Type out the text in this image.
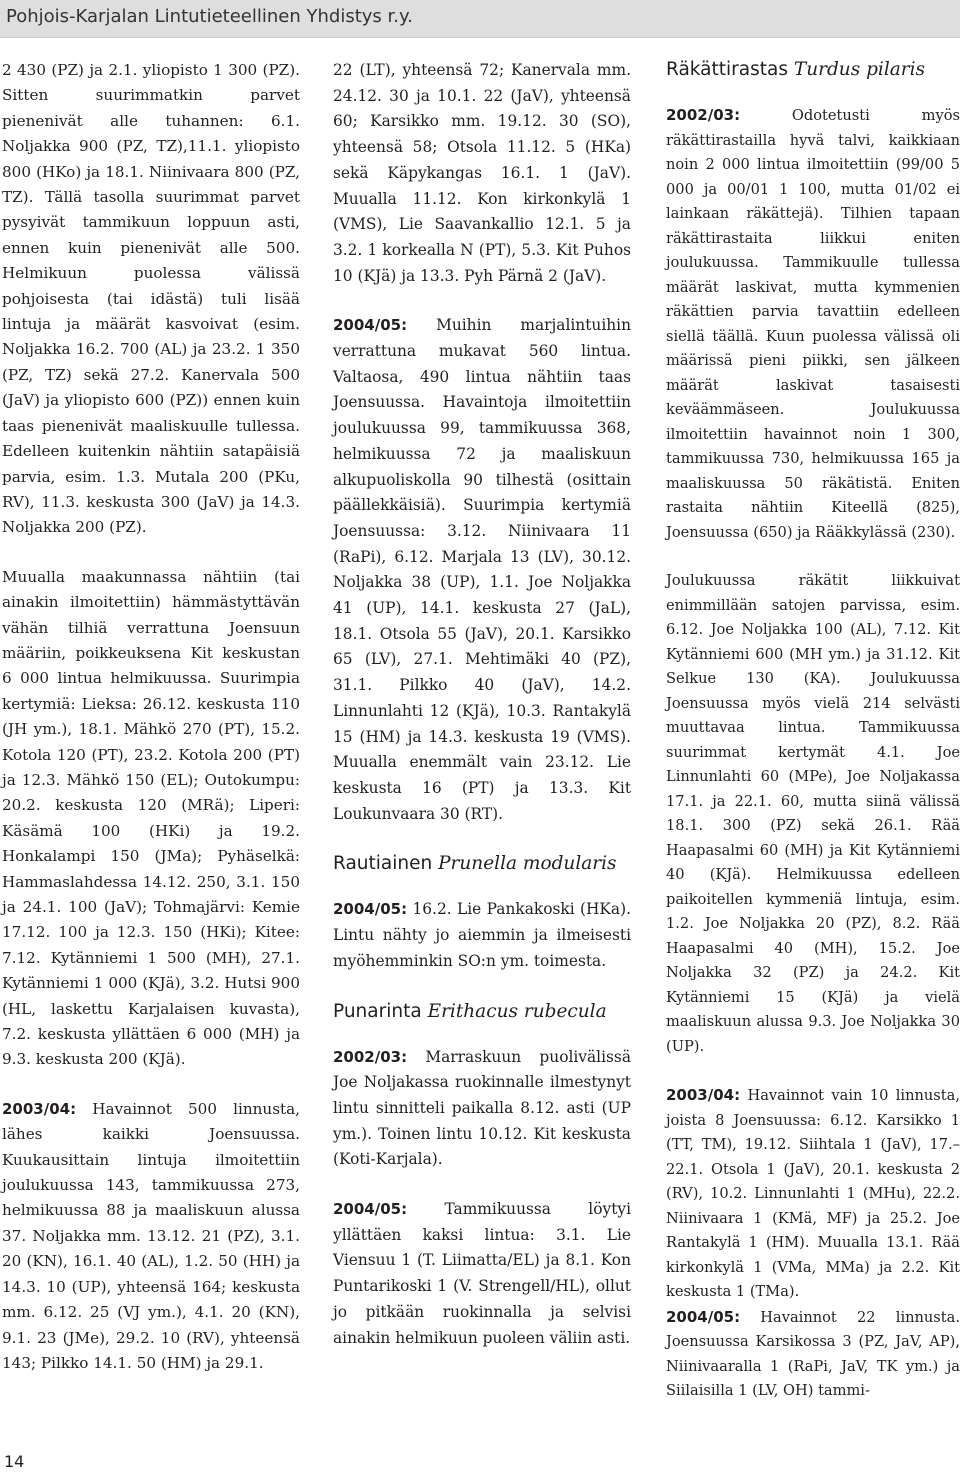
Pohjois-Karjalan Lintutieteellinen Yhdistys r.y.

2 430 (PZ) ja 2.1. yliopisto 1 300 (PZ). Sitten suurimmatkin parvet pienenivät alle tuhannen: 6.1. Noljakka 900 (PZ, TZ),11.1. yliopisto 800 (HKo) ja 18.1. Niinivaara 800 (PZ, TZ). Tällä tasolla suurimmat parvet pysyivät tammikuun loppuun asti, ennen kuin pienenivät alle 500. Helmikuun puolessa välissä pohjoisesta (tai idästä) tuli lisää lintuja ja määrät kasvoivat (esim. Noljakka 16.2. 700 (AL) ja 23.2. 1 350 (PZ, TZ) sekä 27.2. Kanervala 500 (JaV) ja yliopisto 600 (PZ)) ennen kuin taas pienenivät maaliskuulle tullessa. Edelleen kuitenkin nähtiin satapäisiä parvia, esim. 1.3. Mutala 200 (PKu, RV), 11.3. keskusta 300 (JaV) ja 14.3. Noljakka 200 (PZ).

Muualla maakunnassa nähtiin (tai ainakin ilmoitettiin) hämmästyttävän vähän tilhiä verrattuna Joensuun määriin, poikkeuksena Kit keskustan 6 000 lintua helmikuussa. Suurimpia kertymiä: Lieksa: 26.12. keskusta 110 (JH ym.), 18.1. Mähkö 270 (PT), 15.2. Kotola 120 (PT), 23.2. Kotola 200 (PT) ja 12.3. Mähkö 150 (EL); Outokumpu: 20.2. keskusta 120 (MRä); Liperi: Käsämä 100 (HKi) ja 19.2. Honkalampi 150 (JMa); Pyhäselkä: Hammaslahdessa 14.12. 250, 3.1. 150 ja 24.1. 100 (JaV); Tohmajärvi: Kemie 17.12. 100 ja 12.3. 150 (HKi); Kitee: 7.12. Kytänniemi 1 500 (MH), 27.1. Kytänniemi 1 000 (KJä), 3.2. Hutsi 900 (HL, laskettu Karjalaisen kuvasta), 7.2. keskusta yllättäen 6 000 (MH) ja 9.3. keskusta 200 (KJä).

2003/04: Havainnot 500 linnusta, lähes kaikki Joensuussa. Kuukausittain lintuja ilmoitettiin joulukuussa 143, tammikuussa 273, helmikuussa 88 ja maaliskuun alussa 37. Noljakka mm. 13.12. 21 (PZ), 3.1. 20 (KN), 16.1. 40 (AL), 1.2. 50 (HH) ja 14.3. 10 (UP), yhteensä 164; keskusta mm. 6.12. 25 (VJ ym.), 4.1. 20 (KN), 9.1. 23 (JMe), 29.2. 10 (RV), yhteensä 143; Pilkko 14.1. 50 (HM) ja 29.1.

22 (LT), yhteensä 72; Kanervala mm. 24.12. 30 ja 10.1. 22 (JaV), yhteensä 60; Karsikko mm. 19.12. 30 (SO), yhteensä 58; Otsola 11.12. 5 (HKa) sekä Käpykangas 16.1. 1 (JaV). Muualla 11.12. Kon kirkonkylä 1 (VMS), Lie Saavankallio 12.1. 5 ja 3.2. 1 korkealla N (PT), 5.3. Kit Puhos 10 (KJä) ja 13.3. Pyh Pärnä 2 (JaV).

2004/05: Muihin marjalintuihin verrattuna mukavat 560 lintua. Valtaosa, 490 lintua nähtiin taas Joensuussa. Havaintoja ilmoitettiin joulukuussa 99, tammikuussa 368, helmikuussa 72 ja maaliskuun alkupuoliskolla 90 tilhestä (osittain päällekkäisiä). Suurimpia kertymiä Joensuussa: 3.12. Niinivaara 11 (RaPi), 6.12. Marjala 13 (LV), 30.12. Noljakka 38 (UP), 1.1. Joe Noljakka 41 (UP), 14.1. keskusta 27 (JaL), 18.1. Otsola 55 (JaV), 20.1. Karsikko 65 (LV), 27.1. Mehtimäki 40 (PZ), 31.1. Pilkko 40 (JaV), 14.2. Linnunlahti 12 (KJä), 10.3. Rantakylä 15 (HM) ja 14.3. keskusta 19 (VMS). Muualla enemmält vain 23.12. Lie keskusta 16 (PT) ja 13.3. Kit Loukunvaara 30 (RT).

Rautiainen Prunella modularis

2004/05: 16.2. Lie Pankakoski (HKa). Lintu nähty jo aiemmin ja ilmeisesti myöhemminkin SO:n ym. toimesta.

Punarinta Erithacus rubecula

2002/03: Marraskuun puolivälissä Joe Noljakassa ruokinnalle ilmestynyt lintu sinnitteli paikalla 8.12. asti (UP ym.). Toinen lintu 10.12. Kit keskusta (Koti-Karjala).

2004/05: Tammikuussa löytyi yllättäen kaksi lintua: 3.1. Lie Viensuu 1 (T. Liimatta/EL) ja 8.1. Kon Puntarikoski 1 (V. Strengell/HL), ollut jo pitkään ruokinnalla ja selvisi ainakin helmikuun puoleen väliin asti.

Räkättirastas Turdus pilaris

2002/03: Odotetusti myös räkättirastailla hyvä talvi, kaikkiaan noin 2 000 lintua ilmoitettiin (99/00 5 000 ja 00/01 1 100, mutta 01/02 ei lainkaan räkättejä). Tilhien tapaan räkättirastaita liikkui eniten joulukuussa. Tammikuulle tullessa määrät laskivat, mutta kymmenien räkättien parvia tavattiin edelleen siellä täällä. Kuun puolessa välissä oli määrissä pieni piikki, sen jälkeen määrät laskivat tasaisesti keväämmäseen.	Joulukuussa ilmoitettiin havainnot noin 1 300, tammikuussa 730, helmikuussa 165 ja maaliskuussa 50 räkätistä. Eniten rastaita nähtiin Kiteellä (825), Joensuussa (650) ja Rääkkylässä (230).

Joulukuussa räkätit liikkuivat enimmillään satojen parvissa, esim. 6.12. Joe Noljakka 100 (AL), 7.12. Kit Kytänniemi 600 (MH ym.) ja 31.12. Kit Selkue 130 (KA). Joulukuussa Joensuussa myös vielä 214 selvästi muuttavaa lintua. Tammikuussa suurimmat kertymät 4.1. Joe Linnunlahti 60 (MPe), Joe Noljakassa 17.1. ja 22.1. 60, mutta siinä välissä 18.1. 300 (PZ) sekä 26.1. Rää Haapasalmi 60 (MH) ja Kit Kytänniemi 40 (KJä). Helmikuussa edelleen paikoitellen kymmeniä lintuja, esim. 1.2. Joe Noljakka 20 (PZ), 8.2. Rää Haapasalmi 40 (MH), 15.2. Joe Noljakka 32 (PZ) ja 24.2. Kit Kytänniemi 15 (KJä) ja vielä maaliskuun alussa 9.3. Joe Noljakka 30 (UP).

2003/04: Havainnot vain 10 linnusta, joista 8 Joensuussa: 6.12. Karsikko 1 (TT, TM), 19.12. Siihtala 1 (JaV), 17.–22.1. Otsola 1 (JaV), 20.1. keskusta 2 (RV), 10.2. Linnunlahti 1 (MHu), 22.2. Niinivaara 1 (KMä, MF) ja 25.2. Joe Rantakylä 1 (HM). Muualla 13.1. Rää kirkonkylä 1 (VMa, MMa) ja 2.2. Kit keskusta 1 (TMa).

2004/05: Havainnot 22 linnusta. Joensuussa Karsikossa 3 (PZ, JaV, AP), Niinivaaralla 1 (RaPi, JaV, TK ym.) ja Siilaisilla 1 (LV, OH) tammi-

14
